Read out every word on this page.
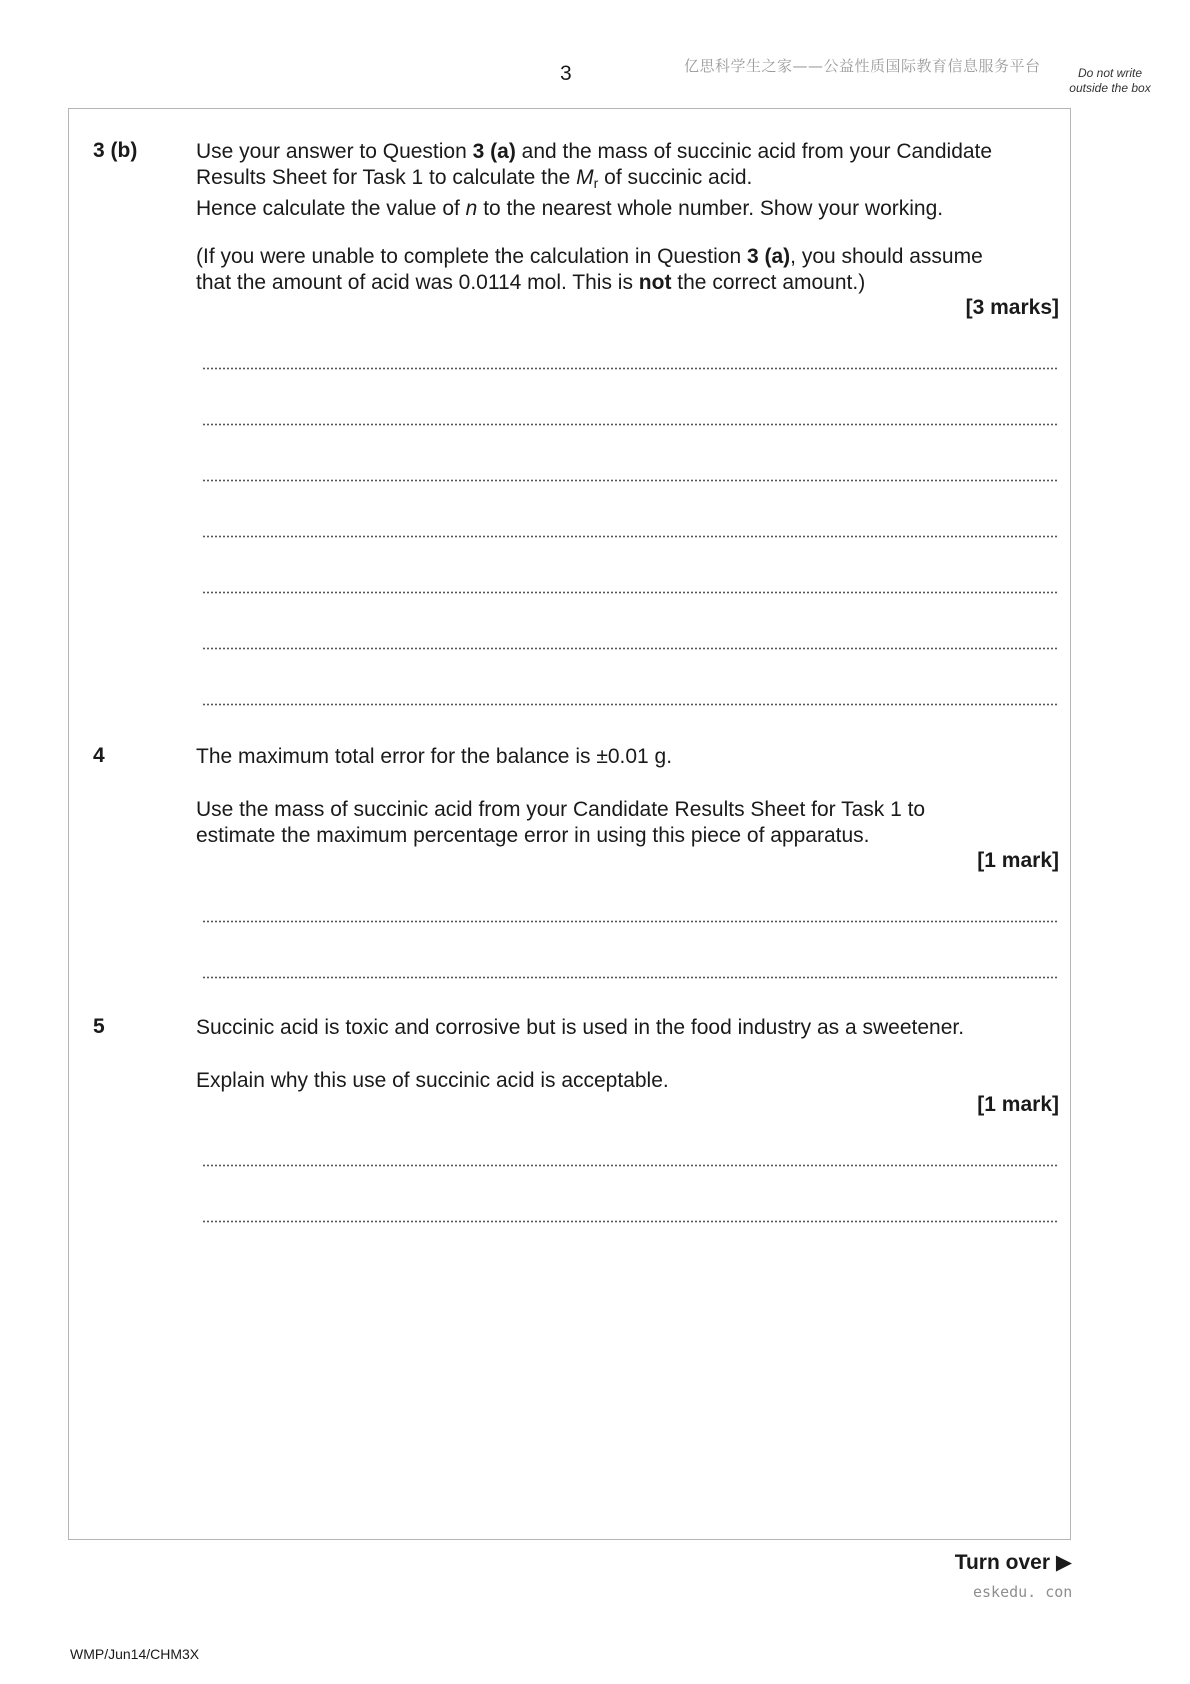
3	亿思科学生之家——公益性质国际教育信息服务平台	Do not write outside the box
3 (b)	Use your answer to Question 3 (a) and the mass of succinic acid from your Candidate
Results Sheet for Task 1 to calculate the $M_r$ of succinic acid.
Hence calculate the value of n to the nearest whole number. Show your working.
(If you were unable to complete the calculation in Question 3 (a), you should assume
that the amount of acid was 0.0114 mol. This is not the correct amount.)
[3 marks]
4	The maximum total error for the balance is ±0.01 g.
Use the mass of succinic acid from your Candidate Results Sheet for Task 1 to
estimate the maximum percentage error in using this piece of apparatus.
[1 mark]
5	Succinic acid is toxic and corrosive but is used in the food industry as a sweetener.
Explain why this use of succinic acid is acceptable.
[1 mark]
Turn over ▶
eskedu. con
WMP/Jun14/CHM3X
